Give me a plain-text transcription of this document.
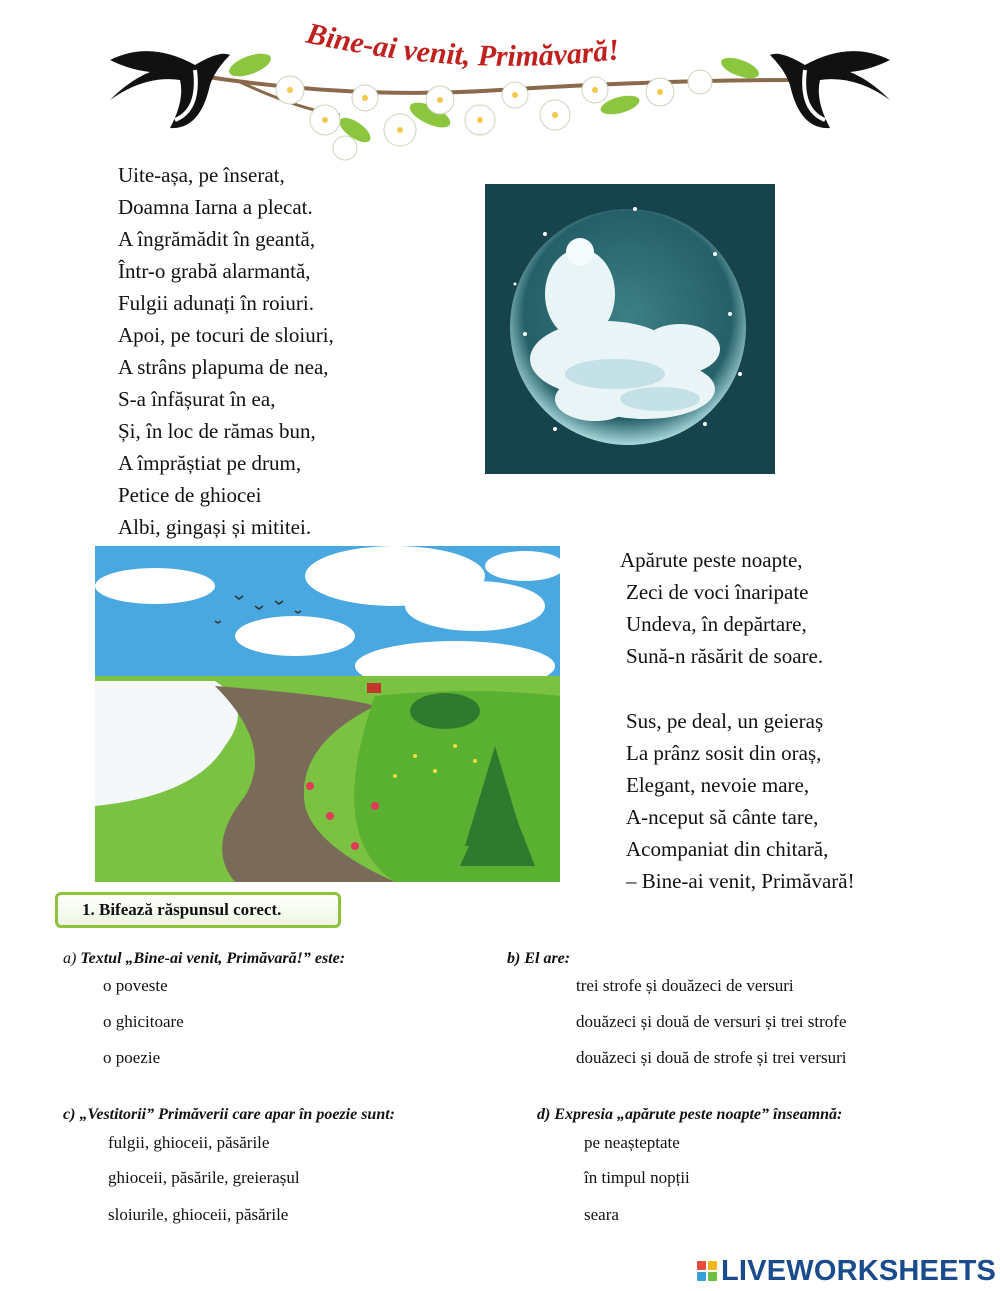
Bine-ai venit, Primăvară!
Uite-așa, pe înserat,
Doamna Iarna a plecat.
A îngrămădit în geantă,
Într-o grabă alarmantă,
Fulgii adunați în roiuri.
Apoi, pe tocuri de sloiuri,
A strâns plapuma de nea,
S-a înfășurat în ea,
Și, în loc de rămas bun,
A împrăștiat pe drum,
Petice de ghiocei
Albi, gingași și mititei.
Apărute peste noapte,
Zeci de voci înaripate
Undeva, în depărtare,
Sună-n răsărit de soare.
Sus, pe deal, un geieraș
La prânz sosit din oraș,
Elegant, nevoie mare,
A-nceput să cânte tare,
Acompaniat din chitară,
– Bine-ai venit, Primăvară!
1. Bifează răspunsul corect.
a) Textul „Bine-ai venit, Primăvară!” este:
o poveste
o ghicitoare
o poezie
b) El are:
trei strofe și douăzeci de versuri
douăzeci și două de versuri și trei strofe
douăzeci și două de strofe și trei versuri
c) „Vestitorii” Primăverii care apar în poezie sunt:
fulgii, ghioceii, păsările
ghioceii, păsările, greierașul
sloiurile, ghioceii, păsările
d) Expresia „apărute peste noapte” înseamnă:
pe neașteptate
în timpul nopții
seara
LIVEWORKSHEETS
